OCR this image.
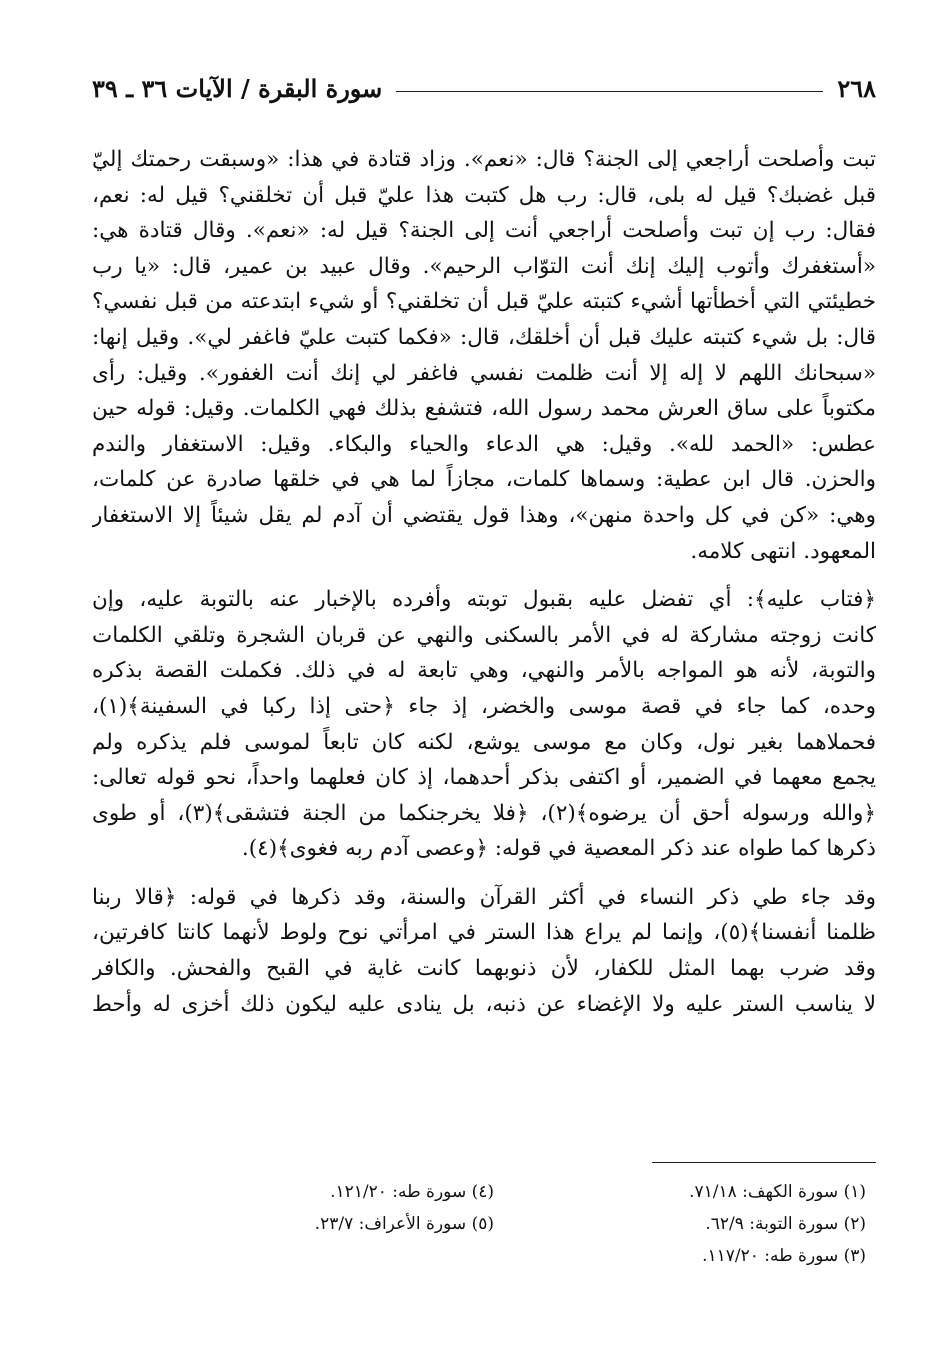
٢٦٨
سورة البقرة / الآيات ٣٦ ـ ٣٩
تبت وأصلحت أراجعي إلى الجنة؟ قال: «نعم». وزاد قتادة في هذا: «وسبقت رحمتك إليّ
قبل غضبك؟ قيل له بلى، قال: رب هل كتبت هذا عليّ قبل أن تخلقني؟ قيل له: نعم،
فقال: رب إن تبت وأصلحت أراجعي أنت إلى الجنة؟ قيل له: «نعم». وقال قتادة هي:
«أستغفرك وأتوب إليك إنك أنت التوّاب الرحيم». وقال عبيد بن عمير، قال: «يا رب
خطيئتي التي أخطأتها أشيء كتبته عليّ قبل أن تخلقني؟ أو شيء ابتدعته من قبل نفسي؟
قال: بل شيء كتبته عليك قبل أن أخلقك، قال: «فكما كتبت عليّ فاغفر لي». وقيل إنها:
«سبحانك اللهم لا إله إلا أنت ظلمت نفسي فاغفر لي إنك أنت الغفور». وقيل: رأى
مكتوباً على ساق العرش محمد رسول الله، فتشفع بذلك فهي الكلمات. وقيل: قوله حين
عطس: «الحمد لله». وقيل: هي الدعاء والحياء والبكاء. وقيل: الاستغفار والندم
والحزن. قال ابن عطية: وسماها كلمات، مجازاً لما هي في خلقها صادرة عن كلمات،
وهي: «كن في كل واحدة منهن»، وهذا قول يقتضي أن آدم لم يقل شيئاً إلا الاستغفار
المعهود. انتهى كلامه.
﴿فتاب عليه﴾: أي تفضل عليه بقبول توبته وأفرده بالإخبار عنه بالتوبة عليه، وإن
كانت زوجته مشاركة له في الأمر بالسكنى والنهي عن قربان الشجرة وتلقي الكلمات
والتوبة، لأنه هو المواجه بالأمر والنهي، وهي تابعة له في ذلك. فكملت القصة بذكره
وحده، كما جاء في قصة موسى والخضر، إذ جاء ﴿حتى إذا ركبا في السفينة﴾(١)،
فحملاهما بغير نول، وكان مع موسى يوشع، لكنه كان تابعاً لموسى فلم يذكره ولم
يجمع معهما في الضمير، أو اكتفى بذكر أحدهما، إذ كان فعلهما واحداً، نحو قوله تعالى:
﴿والله ورسوله أحق أن يرضوه﴾(٢)، ﴿فلا يخرجنكما من الجنة فتشقى﴾(٣)، أو طوى
ذكرها كما طواه عند ذكر المعصية في قوله: ﴿وعصى آدم ربه فغوى﴾(٤).
وقد جاء طي ذكر النساء في أكثر القرآن والسنة، وقد ذكرها في قوله: ﴿قالا ربنا
ظلمنا أنفسنا﴾(٥)، وإنما لم يراع هذا الستر في امرأتي نوح ولوط لأنهما كانتا كافرتين،
وقد ضرب بهما المثل للكفار، لأن ذنوبهما كانت غاية في القبح والفحش. والكافر
لا يناسب الستر عليه ولا الإغضاء عن ذنبه، بل ينادى عليه ليكون ذلك أخزى له وأحط
(١) سورة الكهف: ٧١/١٨.
(٢) سورة التوبة: ٦٢/٩.
(٣) سورة طه: ١١٧/٢٠.
(٤) سورة طه: ١٢١/٢٠.
(٥) سورة الأعراف: ٢٣/٧.
